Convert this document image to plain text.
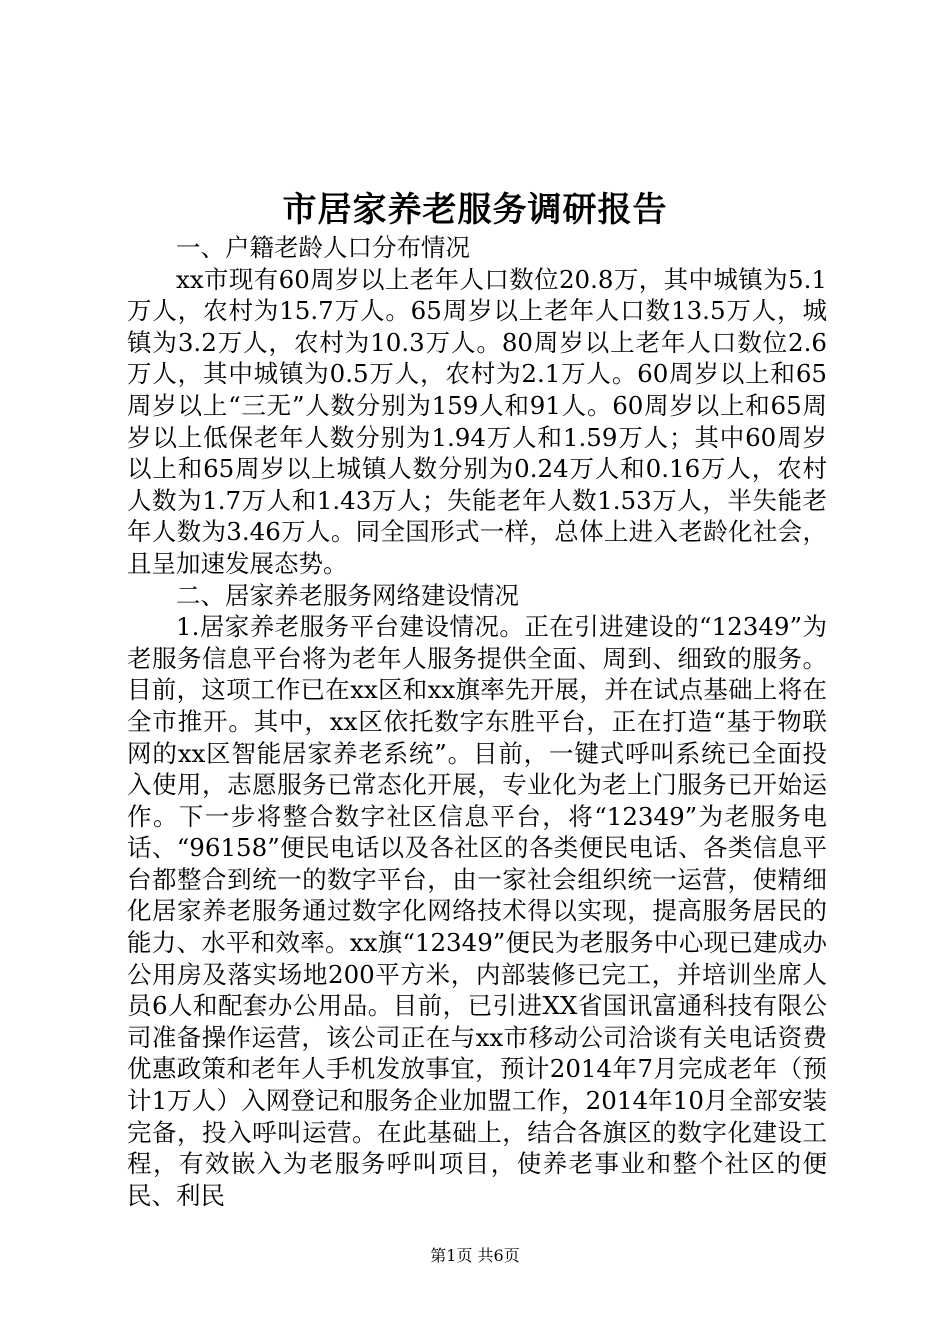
市居家养老服务调研报告

一、户籍老龄人口分布情况

xx市现有60周岁以上老年人口数位20.8万，其中城镇为5.1万人，农村为15.7万人。65周岁以上老年人口数13.5万人，城镇为3.2万人，农村为10.3万人。80周岁以上老年人口数位2.6万人，其中城镇为0.5万人，农村为2.1万人。60周岁以上和65周岁以上“三无”人数分别为159人和91人。60周岁以上和65周岁以上低保老年人数分别为1.94万人和1.59万人；其中60周岁以上和65周岁以上城镇人数分别为0.24万人和0.16万人，农村人数为1.7万人和1.43万人；失能老年人数1.53万人，半失能老年人数为3.46万人。同全国形式一样，总体上进入老龄化社会，且呈加速发展态势。

二、居家养老服务网络建设情况

1.居家养老服务平台建设情况。正在引进建设的“12349”为老服务信息平台将为老年人服务提供全面、周到、细致的服务。目前，这项工作已在xx区和xx旗率先开展，并在试点基础上将在全市推开。其中，xx区依托数字东胜平台，正在打造“基于物联网的xx区智能居家养老系统”。目前，一键式呼叫系统已全面投入使用，志愿服务已常态化开展，专业化为老上门服务已开始运作。下一步将整合数字社区信息平台，将“12349”为老服务电话、“96158”便民电话以及各社区的各类便民电话、各类信息平台都整合到统一的数字平台，由一家社会组织统一运营，使精细化居家养老服务通过数字化网络技术得以实现，提高服务居民的能力、水平和效率。xx旗“12349”便民为老服务中心现已建成办公用房及落实场地200平方米，内部装修已完工，并培训坐席人员6人和配套办公用品。目前，已引进XX省国讯富通科技有限公司准备操作运营，该公司正在与xx市移动公司洽谈有关电话资费优惠政策和老年人手机发放事宜，预计2014年7月完成老年（预计1万人）入网登记和服务企业加盟工作，2014年10月全部安装完备，投入呼叫运营。在此基础上，结合各旗区的数字化建设工程，有效嵌入为老服务呼叫项目，使养老事业和整个社区的便民、利民

第1页 共6页
